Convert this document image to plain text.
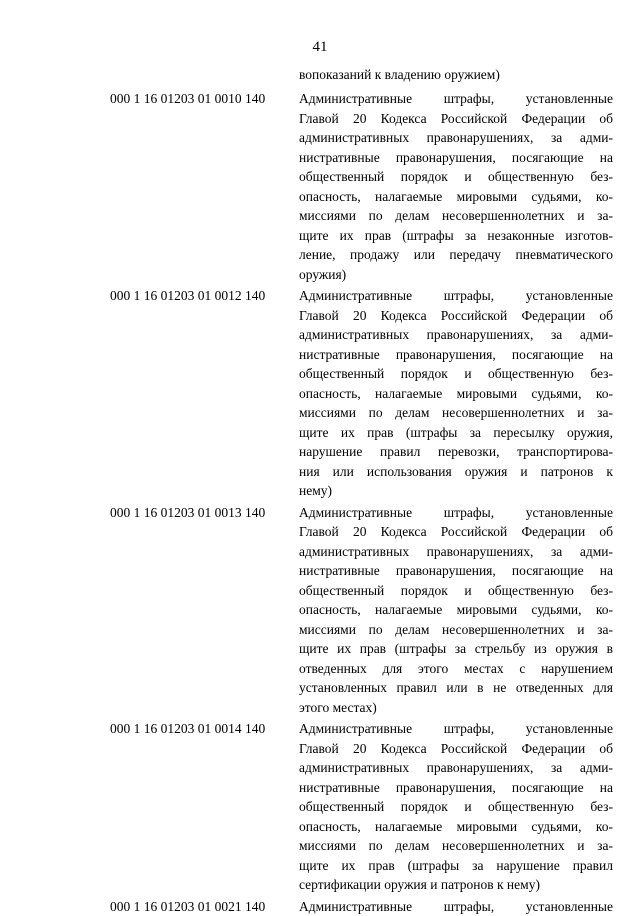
41
вопоказаний к владению оружием)
000 1 16 01203 01 0010 140	Административные штрафы, установленные
Главой 20 Кодекса Российской Федерации об
административных правонарушениях, за адми-
нистративные правонарушения, посягающие на
общественный порядок и общественную без-
опасность, налагаемые мировыми судьями, ко-
миссиями по делам несовершеннолетних и за-
щите их прав (штрафы за незаконные изготов-
ление, продажу или передачу пневматического
оружия)
000 1 16 01203 01 0012 140	Административные штрафы, установленные
Главой 20 Кодекса Российской Федерации об
административных правонарушениях, за адми-
нистративные правонарушения, посягающие на
общественный порядок и общественную без-
опасность, налагаемые мировыми судьями, ко-
миссиями по делам несовершеннолетних и за-
щите их прав (штрафы за пересылку оружия,
нарушение правил перевозки, транспортирова-
ния или использования оружия и патронов к
нему)
000 1 16 01203 01 0013 140	Административные штрафы, установленные
Главой 20 Кодекса Российской Федерации об
административных правонарушениях, за адми-
нистративные правонарушения, посягающие на
общественный порядок и общественную без-
опасность, налагаемые мировыми судьями, ко-
миссиями по делам несовершеннолетних и за-
щите их прав (штрафы за стрельбу из оружия в
отведенных для этого местах с нарушением
установленных правил или в не отведенных для
этого местах)
000 1 16 01203 01 0014 140	Административные штрафы, установленные
Главой 20 Кодекса Российской Федерации об
административных правонарушениях, за адми-
нистративные правонарушения, посягающие на
общественный порядок и общественную без-
опасность, налагаемые мировыми судьями, ко-
миссиями по делам несовершеннолетних и за-
щите их прав (штрафы за нарушение правил
сертификации оружия и патронов к нему)
000 1 16 01203 01 0021 140	Административные штрафы, установленные
